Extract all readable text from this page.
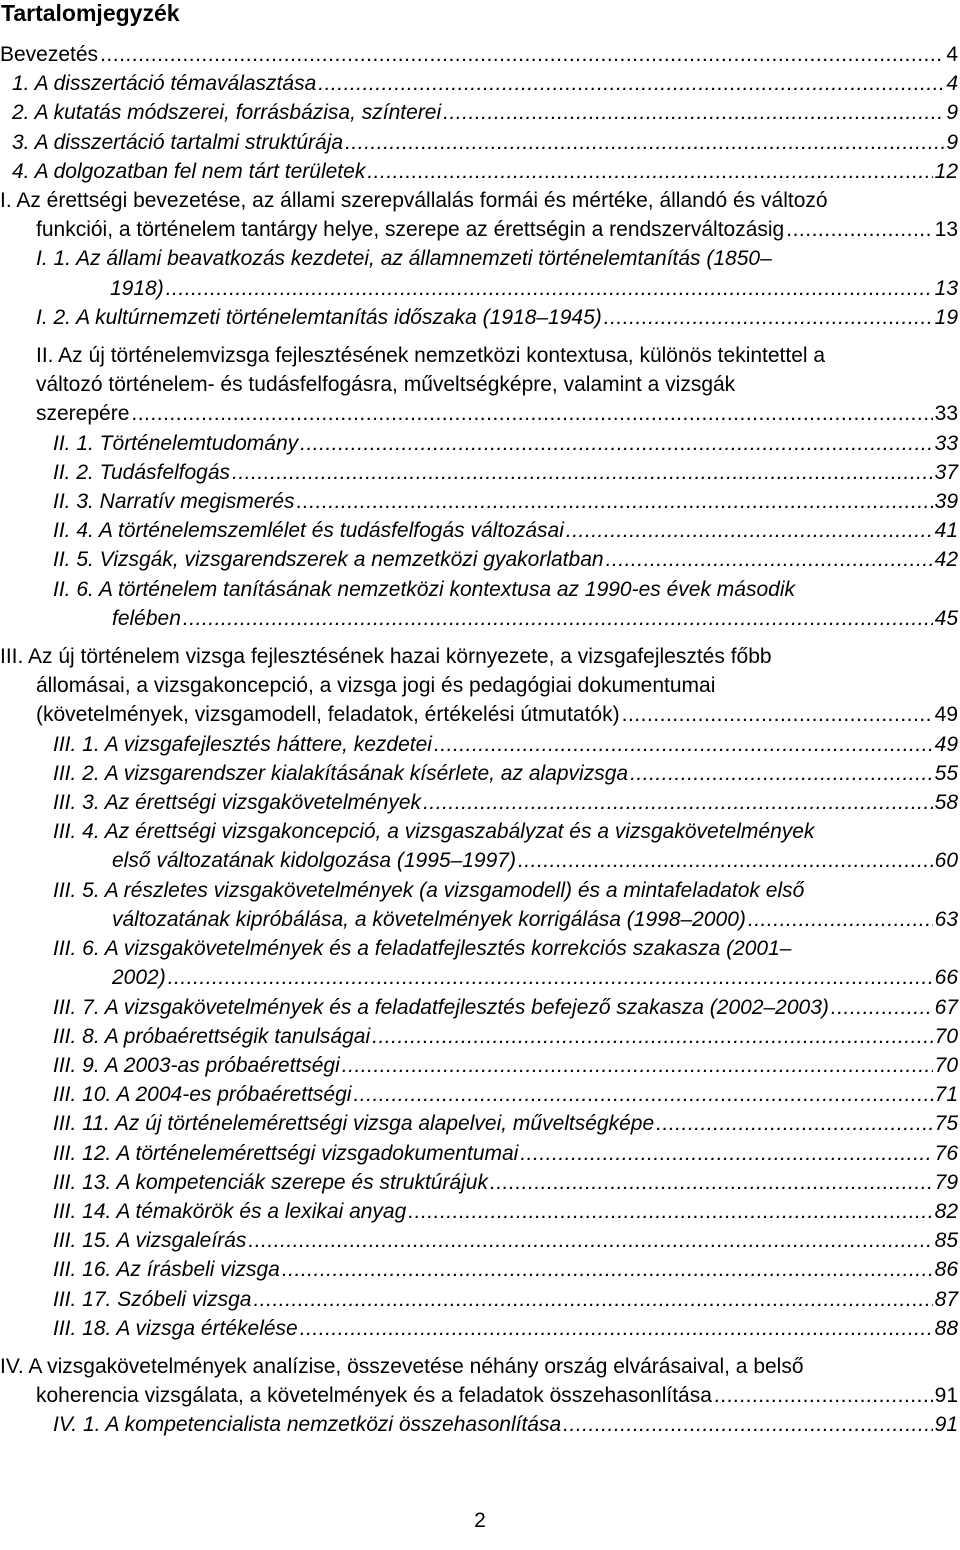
Tartalomjegyzék
Bevezetés .....	4
1. A disszertáció témaválasztása .....	4
2. A kutatás módszerei, forrásbázisa, színterei .....	9
3. A disszertáció tartalmi struktúrája .....	9
4. A dolgozatban fel nem tárt területek .....	12
I. Az érettségi bevezetése, az állami szerepvállalás formái és mértéke, állandó és változó
funkciói, a történelem tantárgy helye, szerepe az érettségin a rendszerváltozásig .....	13
I. 1. Az állami beavatkozás kezdetei, az államnemzeti történelemtanítás (1850–
1918) .....	13
I. 2. A kultúrnemzeti történelemtanítás időszaka (1918–1945) .....	19
II. Az új történelemvizsga fejlesztésének nemzetközi kontextusa, különös tekintettel a
változó történelem- és tudásfelfogásra, műveltségképre, valamint a vizsgák
szerepére .....	33
II. 1. Történelemtudomány .....	33
II. 2. Tudásfelfogás .....	37
II. 3. Narratív megismerés .....	39
II. 4. A történelemszemlélet és tudásfelfogás változásai .....	41
II. 5. Vizsgák, vizsgarendszerek a nemzetközi gyakorlatban .....	42
II. 6. A történelem tanításának nemzetközi kontextusa az 1990-es évek második
felében .....	45
III. Az új történelem vizsga fejlesztésének hazai környezete, a vizsgafejlesztés főbb
állomásai, a vizsgakoncepció, a vizsga jogi és pedagógiai dokumentumai
(követelmények, vizsgamodell, feladatok, értékelési útmutatók) .....	49
III. 1. A vizsgafejlesztés háttere, kezdetei .....	49
III. 2. A vizsgarendszer kialakításának kísérlete, az alapvizsga .....	55
III. 3. Az érettségi vizsgakövetelmények .....	58
III. 4. Az érettségi vizsgakoncepció, a vizsgaszabályzat és a vizsgakövetelmények
első változatának kidolgozása (1995–1997) .....	60
III. 5. A részletes vizsgakövetelmények (a vizsgamodell) és a mintafeladatok első
változatának kipróbálása, a követelmények korrigálása (1998–2000) .....	63
III. 6. A vizsgakövetelmények és a feladatfejlesztés korrekciós szakasza (2001–
2002) .....	66
III. 7. A vizsgakövetelmények és a feladatfejlesztés befejező szakasza (2002–2003) .....	67
III. 8. A próbaérettségik tanulságai .....	70
III. 9. A 2003-as próbaérettségi .....	70
III. 10. A 2004-es próbaérettségi .....	71
III. 11. Az új történelemérettségi vizsga alapelvei, műveltségképe .....	75
III. 12. A történelemérettségi vizsgadokumentumai .....	76
III. 13. A kompetenciák szerepe és struktúrájuk .....	79
III. 14. A témakörök és a lexikai anyag .....	82
III. 15. A vizsgaleírás .....	85
III. 16. Az írásbeli vizsga .....	86
III. 17. Szóbeli vizsga .....	87
III. 18. A vizsga értékelése .....	88
IV. A vizsgakövetelmények analízise, összevetése néhány ország elvárásaival, a belső
koherencia vizsgálata, a követelmények és a feladatok összehasonlítása .....	91
IV. 1. A kompetencialista nemzetközi összehasonlítása .....	91
2
